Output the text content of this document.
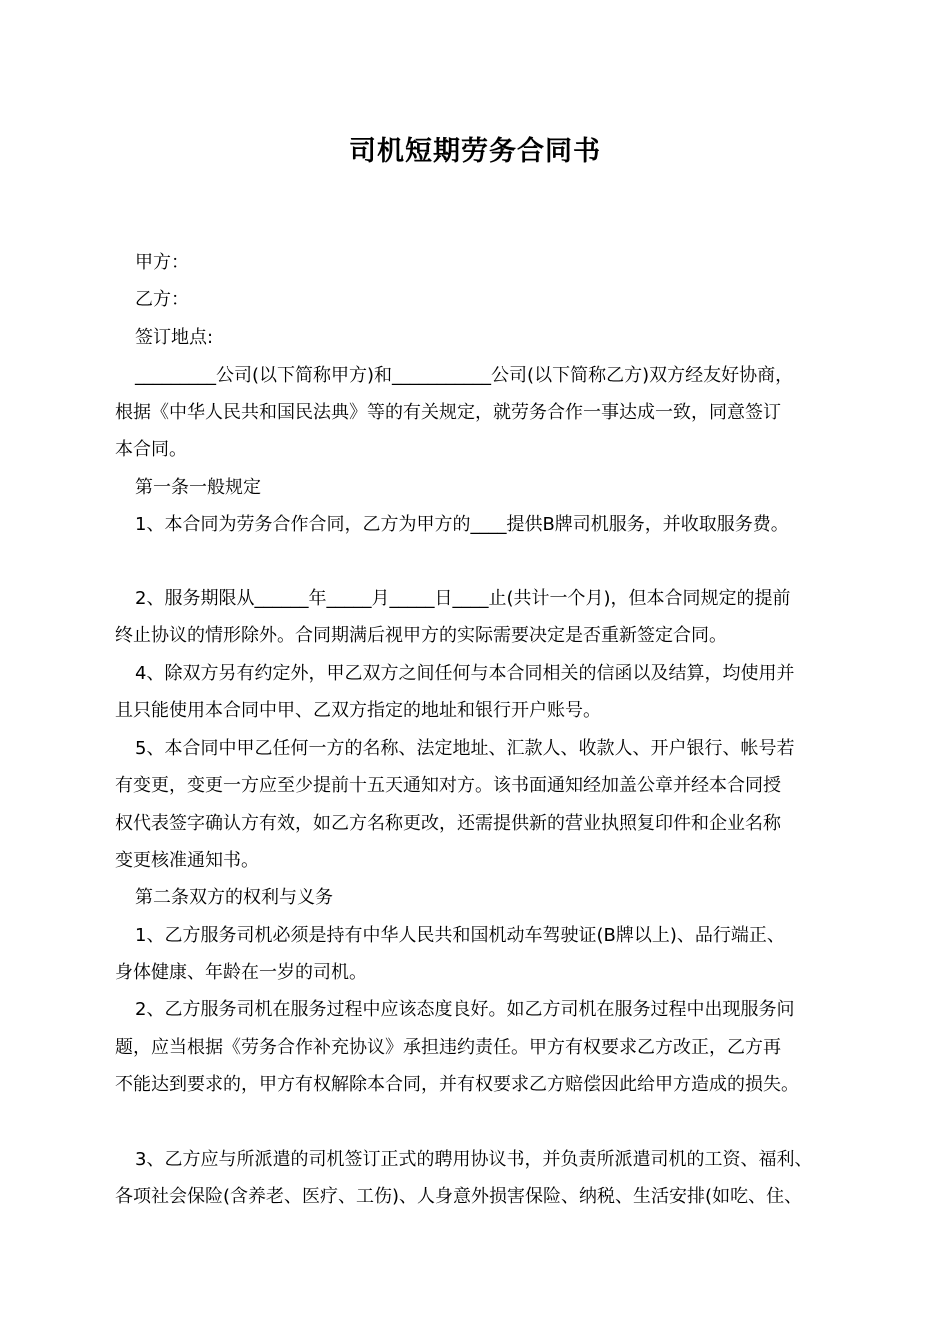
司机短期劳务合同书
甲方：
乙方：
签订地点:
_________公司(以下简称甲方)和___________公司(以下简称乙方)双方经友好协商，
根据《中华人民共和国民法典》等的有关规定，就劳务合作一事达成一致，同意签订
本合同。
第一条一般规定
1、本合同为劳务合作合同，乙方为甲方的____提供B牌司机服务，并收取服务费。
2、服务期限从______年_____月_____日____止(共计一个月)，但本合同规定的提前
终止协议的情形除外。合同期满后视甲方的实际需要决定是否重新签定合同。
4、除双方另有约定外，甲乙双方之间任何与本合同相关的信函以及结算，均使用并
且只能使用本合同中甲、乙双方指定的地址和银行开户账号。
5、本合同中甲乙任何一方的名称、法定地址、汇款人、收款人、开户银行、帐号若
有变更，变更一方应至少提前十五天通知对方。该书面通知经加盖公章并经本合同授
权代表签字确认方有效，如乙方名称更改，还需提供新的营业执照复印件和企业名称
变更核准通知书。
第二条双方的权利与义务
1、乙方服务司机必须是持有中华人民共和国机动车驾驶证(B牌以上)、品行端正、
身体健康、年龄在一岁的司机。
2、乙方服务司机在服务过程中应该态度良好。如乙方司机在服务过程中出现服务问
题，应当根据《劳务合作补充协议》承担违约责任。甲方有权要求乙方改正，乙方再
不能达到要求的，甲方有权解除本合同，并有权要求乙方赔偿因此给甲方造成的损失。
3、乙方应与所派遣的司机签订正式的聘用协议书，并负责所派遣司机的工资、福利、
各项社会保险(含养老、医疗、工伤)、人身意外损害保险、纳税、生活安排(如吃、住、
